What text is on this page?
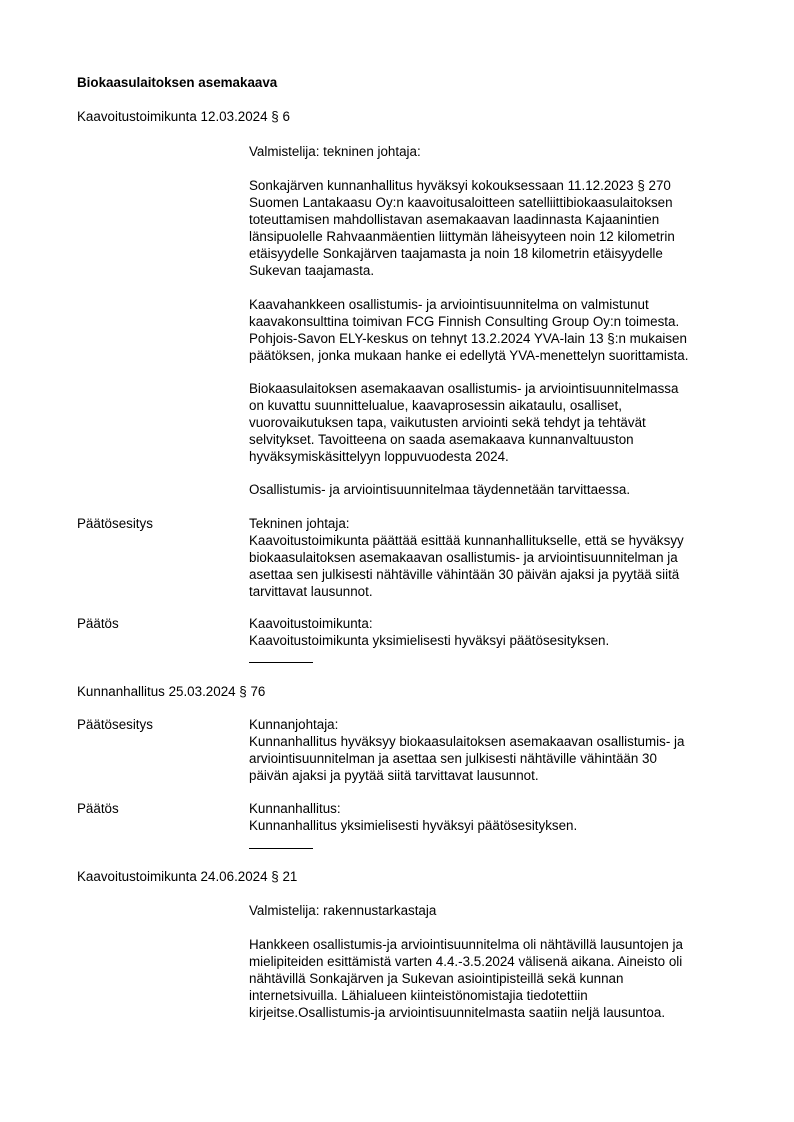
Biokaasulaitoksen asemakaava
Kaavoitustoimikunta 12.03.2024 § 6
Valmistelija: tekninen johtaja:
Sonkajärven kunnanhallitus hyväksyi kokouksessaan 11.12.2023 § 270
Suomen Lantakaasu Oy:n kaavoitusaloitteen satelliittibiokaasulaitoksen
toteuttamisen mahdollistavan asemakaavan laadinnasta Kajaanintien
länsipuolelle Rahvaanmäentien liittymän läheisyyteen noin 12 kilometrin
etäisyydelle Sonkajärven taajamasta ja noin 18 kilometrin etäisyydelle
Sukevan taajamasta.
Kaavahankkeen osallistumis- ja arviointisuunnitelma on valmistunut
kaavakonsulttina toimivan FCG Finnish Consulting Group Oy:n toimesta.
Pohjois-Savon ELY-keskus on tehnyt 13.2.2024 YVA-lain 13 §:n mukaisen
päätöksen, jonka mukaan hanke ei edellytä YVA-menettelyn suorittamista.
Biokaasulaitoksen asemakaavan osallistumis- ja arviointisuunnitelmassa
on kuvattu suunnittelualue, kaavaprosessin aikataulu, osalliset,
vuorovaikutuksen tapa, vaikutusten arviointi sekä tehdyt ja tehtävät
selvitykset. Tavoitteena on saada asemakaava kunnanvaltuuston
hyväksymiskäsittelyyn loppuvuodesta 2024.
Osallistumis- ja arviointisuunnitelmaa täydennetään tarvittaessa.
Päätösesitys	Tekninen johtaja:
Kaavoitustoimikunta päättää esittää kunnanhallitukselle, että se hyväksyy
biokaasulaitoksen asemakaavan osallistumis- ja arviointisuunnitelman ja
asettaa sen julkisesti nähtäville vähintään 30 päivän ajaksi ja pyytää siitä
tarvittavat lausunnot.
Päätös	Kaavoitustoimikunta:
Kaavoitustoimikunta yksimielisesti hyväksyi päätösesityksen.
Kunnanhallitus 25.03.2024 § 76
Päätösesitys	Kunnanjohtaja:
Kunnanhallitus hyväksyy biokaasulaitoksen asemakaavan osallistumis- ja
arviointisuunnitelman ja asettaa sen julkisesti nähtäville vähintään 30
päivän ajaksi ja pyytää siitä tarvittavat lausunnot.
Päätös	Kunnanhallitus:
Kunnanhallitus yksimielisesti hyväksyi päätösesityksen.
Kaavoitustoimikunta 24.06.2024 § 21
Valmistelija: rakennustarkastaja
Hankkeen osallistumis-ja arviointisuunnitelma oli nähtävillä lausuntojen ja
mielipiteiden esittämistä varten 4.4.-3.5.2024 välisenä aikana. Aineisto oli
nähtävillä Sonkajärven ja Sukevan asiointipisteillä sekä kunnan
internetsivuilla. Lähialueen kiinteistönomistajia tiedotettiin
kirjeitse.Osallistumis-ja arviointisuunnitelmasta saatiin neljä lausuntoa.
